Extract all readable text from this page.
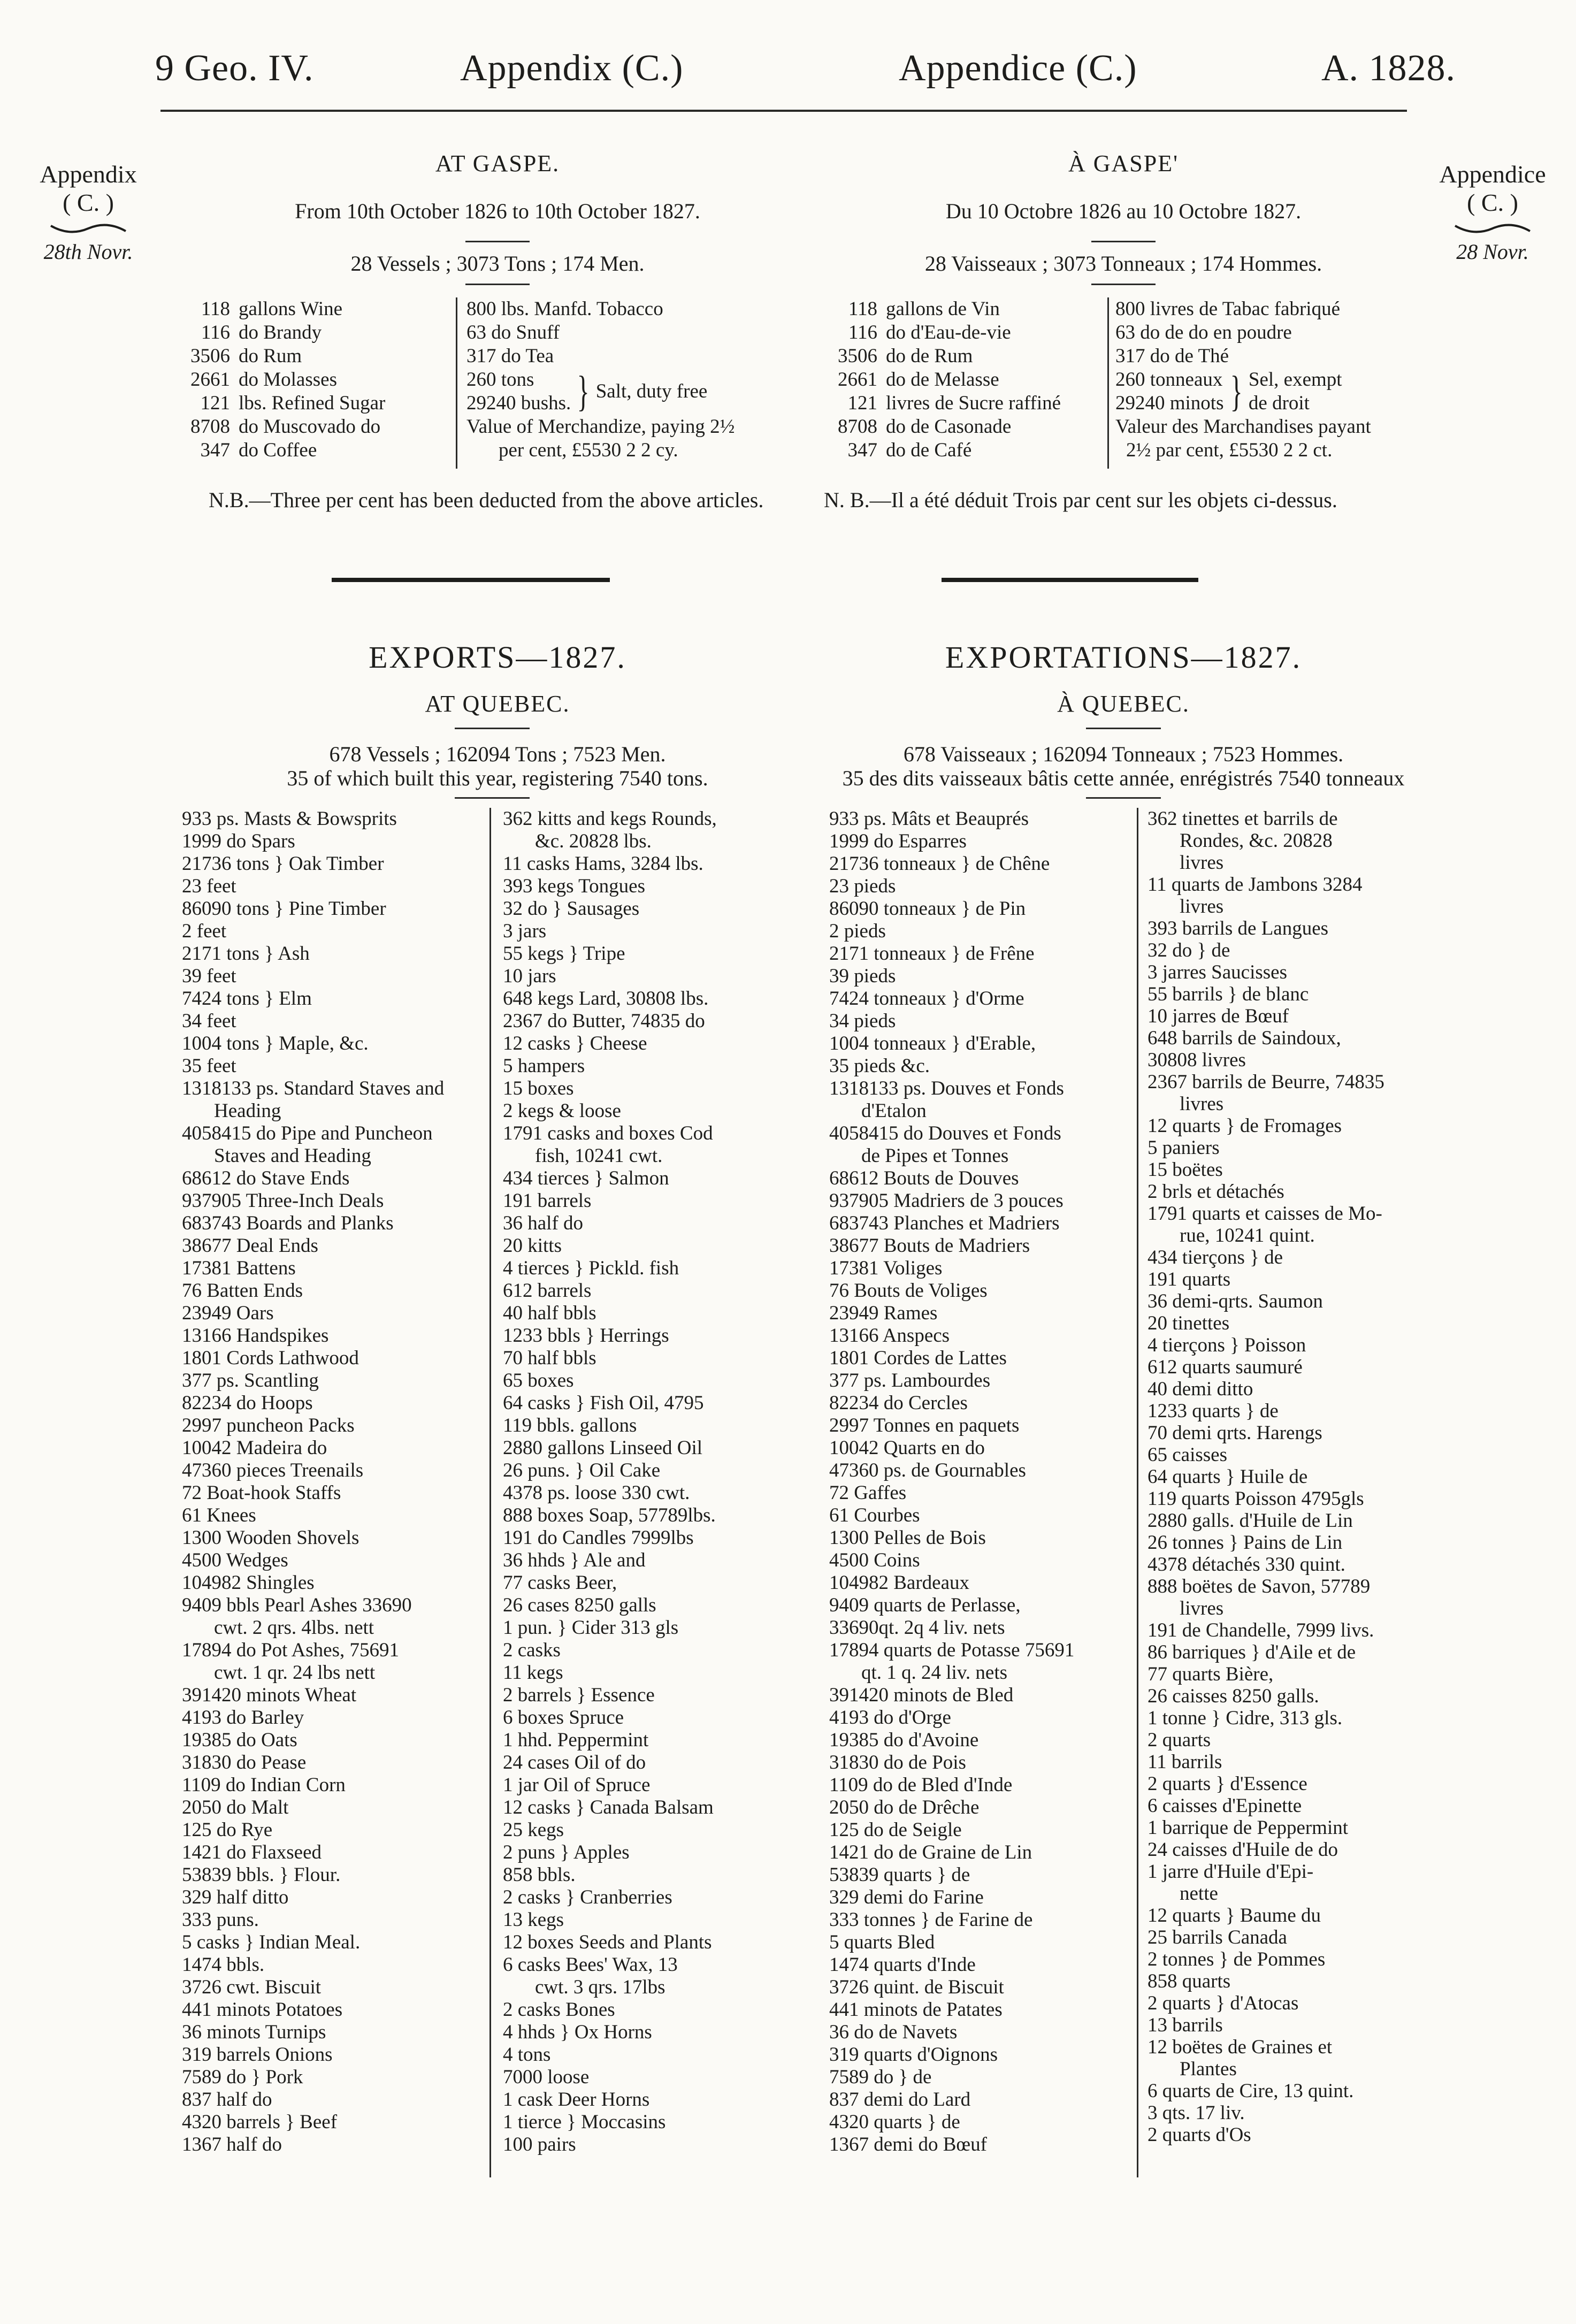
9 Geo. IV.	Appendix (C.)	Appendice (C.)	A. 1828.
Appendix
( C. )
28th Novr.
Appendice
( C. )
28 Novr.
AT GASPE.
From 10th October 1826 to 10th October 1827.
28 Vessels ; 3073 Tons ; 174 Men.
118 gallons Wine
116 do Brandy
3506 do Rum
2661 do Molasses
121 lbs. Refined Sugar
8708 do Muscovado do
347 do Coffee
800 lbs. Manfd. Tobacco
63 do Snuff
317 do Tea
260 tons
29240 bushs. } Salt, duty free
Value of Merchandize, paying 2½
per cent, £5530 2 2 cy.
N.B.—Three per cent has been deducted from the above articles.
À GASPE'
Du 10 Octobre 1826 au 10 Octobre 1827.
28 Vaisseaux ; 3073 Tonneaux ; 174 Hommes.
118 gallons de Vin
116 do d'Eau-de-vie
3506 do de Rum
2661 do de Melasse
121 livres de Sucre raffiné
8708 do de Casonade
347 do de Café
800 livres de Tabac fabriqué
63 do de do en poudre
317 do de Thé
260 tonneaux
29240 minots } Sel, exempt
de droit
Valeur des Marchandises payant
2½ par cent, £5530 2 2 ct.
N. B.—Il a été déduit Trois par cent sur les objets ci-dessus.
EXPORTS—1827.
AT QUEBEC.
678 Vessels ; 162094 Tons ; 7523 Men.
35 of which built this year, registering 7540 tons.
933 ps. Masts & Bowsprits
1999 do Spars
21736 tons } Oak Timber
23 feet
86090 tons } Pine Timber
2 feet
2171 tons } Ash
39 feet
7424 tons } Elm
34 feet
1004 tons } Maple, &c.
35 feet
1318133 ps. Standard Staves and
Heading
4058415 do Pipe and Puncheon
Staves and Heading
68612 do Stave Ends
937905 Three-Inch Deals
683743 Boards and Planks
38677 Deal Ends
17381 Battens
76 Batten Ends
23949 Oars
13166 Handspikes
1801 Cords Lathwood
377 ps. Scantling
82234 do Hoops
2997 puncheon Packs
10042 Madeira do
47360 pieces Treenails
72 Boat-hook Staffs
61 Knees
1300 Wooden Shovels
4500 Wedges
104982 Shingles
9409 bbls Pearl Ashes 33690
cwt. 2 qrs. 4lbs. nett
17894 do Pot Ashes, 75691
cwt. 1 qr. 24 lbs nett
391420 minots Wheat
4193 do Barley
19385 do Oats
31830 do Pease
1109 do Indian Corn
2050 do Malt
125 do Rye
1421 do Flaxseed
53839 bbls. } Flour.
329 half ditto
333 puns.
5 casks } Indian Meal.
1474 bbls.
3726 cwt. Biscuit
441 minots Potatoes
36 minots Turnips
319 barrels Onions
7589 do } Pork
837 half do
4320 barrels } Beef
1367 half do
362 kitts and kegs Rounds,
&c. 20828 lbs.
11 casks Hams, 3284 lbs.
393 kegs Tongues
32 do } Sausages
3 jars
55 kegs } Tripe
10 jars
648 kegs Lard, 30808 lbs.
2367 do Butter, 74835 do
12 casks } Cheese
5 hampers
15 boxes
2 kegs & loose
1791 casks and boxes Cod
fish, 10241 cwt.
434 tierces } Salmon
191 barrels
36 half do
20 kitts
4 tierces } Pickld. fish
612 barrels
40 half bbls
1233 bbls } Herrings
70 half bbls
65 boxes
64 casks } Fish Oil, 4795
119 bbls. gallons
2880 gallons Linseed Oil
26 puns. } Oil Cake
4378 ps. loose 330 cwt.
888 boxes Soap, 57789lbs.
191 do Candles 7999lbs
36 hhds } Ale and
77 casks Beer,
26 cases 8250 galls
1 pun. } Cider 313 gls
2 casks
11 kegs
2 barrels } Essence
6 boxes Spruce
1 hhd. Peppermint
24 cases Oil of do
1 jar Oil of Spruce
12 casks } Canada Balsam
25 kegs
2 puns } Apples
858 bbls.
2 casks } Cranberries
13 kegs
12 boxes Seeds and Plants
6 casks Bees' Wax, 13
cwt. 3 qrs. 17lbs
2 casks Bones
4 hhds } Ox Horns
4 tons
7000 loose
1 cask Deer Horns
1 tierce } Moccasins
100 pairs
EXPORTATIONS—1827.
À QUEBEC.
678 Vaisseaux ; 162094 Tonneaux ; 7523 Hommes.
35 des dits vaisseaux bâtis cette année, enrégistrés 7540 tonneaux
933 ps. Mâts et Beauprés
1999 do Esparres
21736 tonneaux } de Chêne
23 pieds
86090 tonneaux } de Pin
2 pieds
2171 tonneaux } de Frêne
39 pieds
7424 tonneaux } d'Orme
34 pieds
1004 tonneaux } d'Erable,
35 pieds &c.
1318133 ps. Douves et Fonds
d'Etalon
4058415 do Douves et Fonds
de Pipes et Tonnes
68612 Bouts de Douves
937905 Madriers de 3 pouces
683743 Planches et Madriers
38677 Bouts de Madriers
17381 Voliges
76 Bouts de Voliges
23949 Rames
13166 Anspecs
1801 Cordes de Lattes
377 ps. Lambourdes
82234 do Cercles
2997 Tonnes en paquets
10042 Quarts en do
47360 ps. de Gournables
72 Gaffes
61 Courbes
1300 Pelles de Bois
4500 Coins
104982 Bardeaux
9409 quarts de Perlasse,
33690qt. 2q 4 liv. nets
17894 quarts de Potasse 75691
qt. 1 q. 24 liv. nets
391420 minots de Bled
4193 do d'Orge
19385 do d'Avoine
31830 do de Pois
1109 do de Bled d'Inde
2050 do de Drêche
125 do de Seigle
1421 do de Graine de Lin
53839 quarts } de
329 demi do Farine
333 tonnes } de Farine de
5 quarts Bled
1474 quarts d'Inde
3726 quint. de Biscuit
441 minots de Patates
36 do de Navets
319 quarts d'Oignons
7589 do } de
837 demi do Lard
4320 quarts } de
1367 demi do Bœuf
362 tinettes et barrils de
Rondes, &c. 20828
livres
11 quarts de Jambons 3284
livres
393 barrils de Langues
32 do } de
3 jarres Saucisses
55 barrils } de blanc
10 jarres de Bœuf
648 barrils de Saindoux,
30808 livres
2367 barrils de Beurre, 74835
livres
12 quarts } de Fromages
5 paniers
15 boëtes
2 brls et détachés
1791 quarts et caisses de Mo-
rue, 10241 quint.
434 tierçons } de
191 quarts
36 demi-qrts. Saumon
20 tinettes
4 tierçons } Poisson
612 quarts saumuré
40 demi ditto
1233 quarts } de
70 demi qrts. Harengs
65 caisses
64 quarts } Huile de
119 quarts Poisson 4795gls
2880 galls. d'Huile de Lin
26 tonnes } Pains de Lin
4378 détachés 330 quint.
888 boëtes de Savon, 57789
livres
191 de Chandelle, 7999 livs.
86 barriques } d'Aile et de
77 quarts Bière,
26 caisses 8250 galls.
1 tonne } Cidre, 313 gls.
2 quarts
11 barrils
2 quarts } d'Essence
6 caisses d'Epinette
1 barrique de Peppermint
24 caisses d'Huile de do
1 jarre d'Huile d'Epi-
nette
12 quarts } Baume du
25 barrils Canada
2 tonnes } de Pommes
858 quarts
2 quarts } d'Atocas
13 barrils
12 boëtes de Graines et
Plantes
6 quarts de Cire, 13 quint.
3 qts. 17 liv.
2 quarts d'Os
